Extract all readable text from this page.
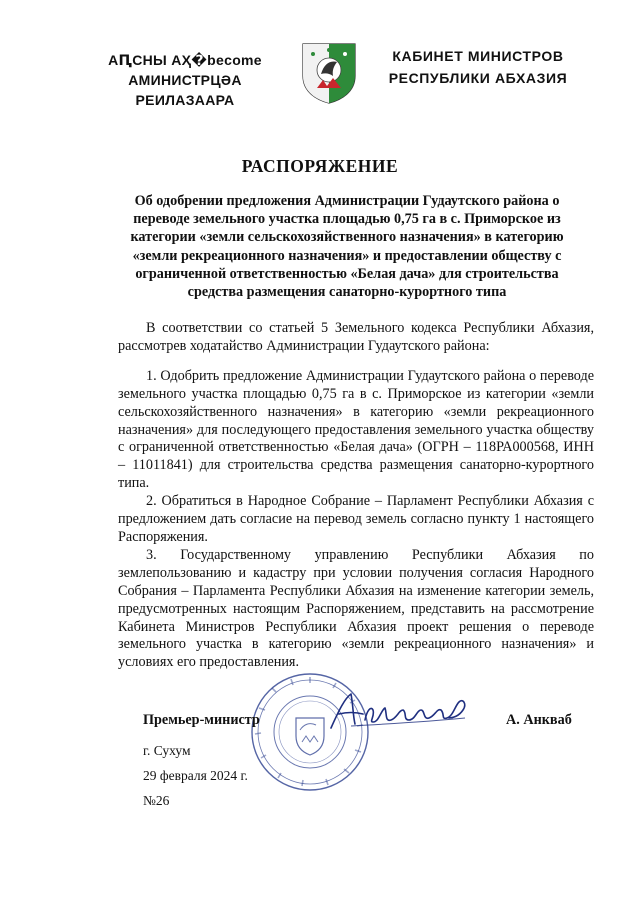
АԤСНЫ АҲ�become
АМИНИСТРЦӘА РЕИЛАЗААРА
КАБИНЕТ МИНИСТРОВ
РЕСПУБЛИКИ АБХАЗИЯ
РАСПОРЯЖЕНИЕ
Об одобрении предложения Администрации Гудаутского района о переводе земельного участка площадью 0,75 га в с. Приморское из категории «земли сельскохозяйственного назначения» в категорию «земли рекреационного назначения» и предоставлении обществу с ограниченной ответственностью «Белая дача» для строительства средства размещения санаторно-курортного типа

В соответствии со статьей 5 Земельного кодекса Республики Абхазия, рассмотрев ходатайство Администрации Гудаутского района:

1. Одобрить предложение Администрации Гудаутского района о переводе земельного участка площадью 0,75 га в с. Приморское из категории «земли сельскохозяйственного назначения» в категорию «земли рекреационного назначения» для последующего предоставления земельного участка обществу с ограниченной ответственностью «Белая дача» (ОГРН – 118РА000568, ИНН – 11011841) для строительства средства размещения санаторно-курортного типа.

2. Обратиться в Народное Собрание – Парламент Республики Абхазия с предложением дать согласие на перевод земель согласно пункту 1 настоящего Распоряжения.

3. Государственному управлению Республики Абхазия по землепользованию и кадастру при условии получения согласия Народного Собрания – Парламента Республики Абхазия на изменение категории земель, предусмотренных настоящим Распоряжением, представить на рассмотрение Кабинета Министров Республики Абхазия проект решения о переводе земельного участка в категорию «земли рекреационного назначения» и условиях его предоставления.

Премьер-министр	А. Анкваб
г. Сухум
29 февраля 2024 г.
№26
